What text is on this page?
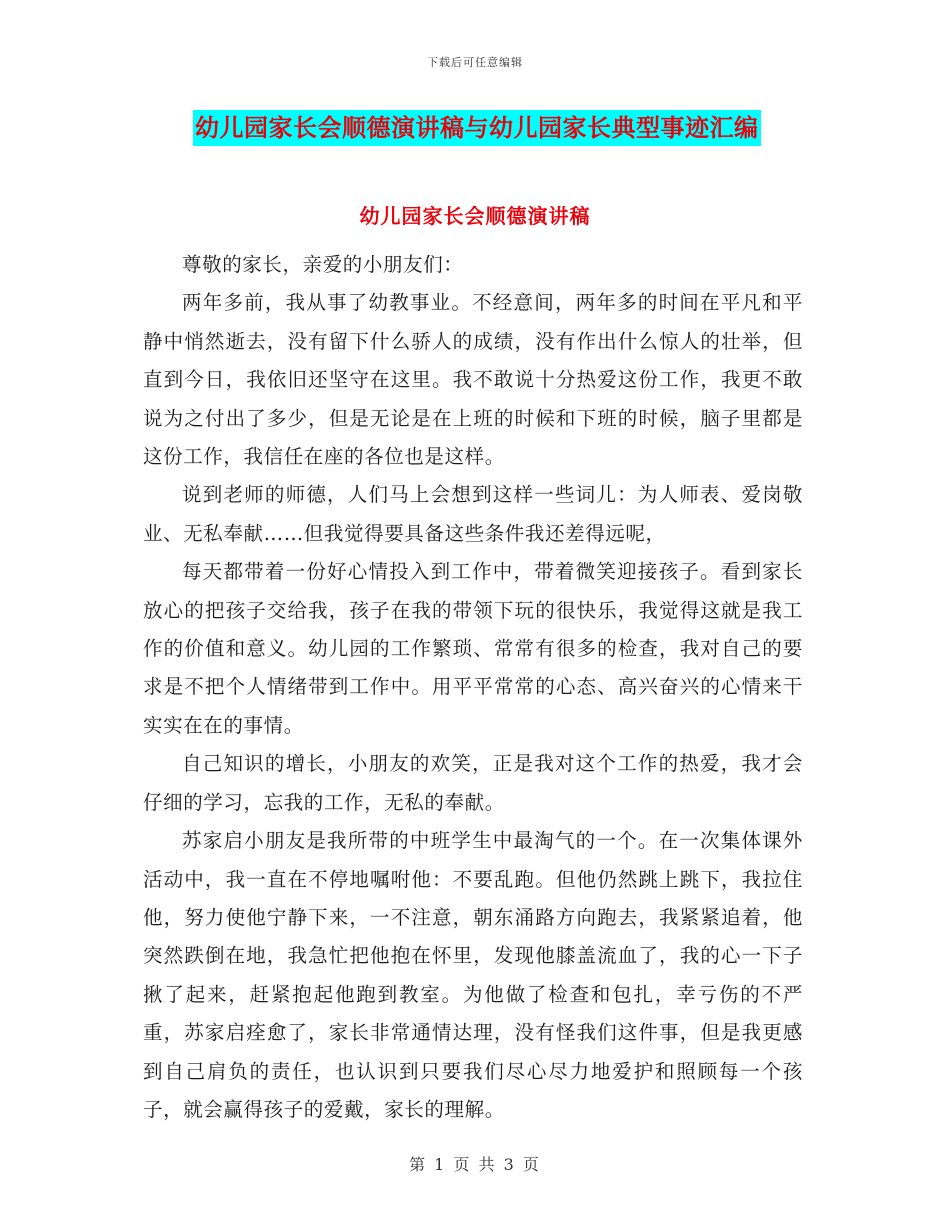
下载后可任意编辑
幼儿园家长会顺德演讲稿与幼儿园家长典型事迹汇编
幼儿园家长会顺德演讲稿

尊敬的家长，亲爱的小朋友们：

两年多前，我从事了幼教事业。不经意间，两年多的时间在平凡和平静中悄然逝去，没有留下什么骄人的成绩，没有作出什么惊人的壮举，但直到今日，我依旧还坚守在这里。我不敢说十分热爱这份工作，我更不敢说为之付出了多少，但是无论是在上班的时候和下班的时候，脑子里都是这份工作，我信任在座的各位也是这样。

说到老师的师德，人们马上会想到这样一些词儿：为人师表、爱岗敬业、无私奉献……但我觉得要具备这些条件我还差得远呢，

每天都带着一份好心情投入到工作中，带着微笑迎接孩子。看到家长放心的把孩子交给我，孩子在我的带领下玩的很快乐，我觉得这就是我工作的价值和意义。幼儿园的工作繁琐、常常有很多的检查，我对自己的要求是不把个人情绪带到工作中。用平平常常的心态、高兴奋兴的心情来干实实在在的事情。

自己知识的增长，小朋友的欢笑，正是我对这个工作的热爱，我才会仔细的学习，忘我的工作，无私的奉献。

苏家启小朋友是我所带的中班学生中最淘气的一个。在一次集体课外活动中，我一直在不停地嘱咐他：不要乱跑。但他仍然跳上跳下，我拉住他，努力使他宁静下来，一不注意，朝东涌路方向跑去，我紧紧追着，他突然跌倒在地，我急忙把他抱在怀里，发现他膝盖流血了，我的心一下子揪了起来，赶紧抱起他跑到教室。为他做了检查和包扎，幸亏伤的不严重，苏家启痊愈了，家长非常通情达理，没有怪我们这件事，但是我更感到自己肩负的责任，也认识到只要我们尽心尽力地爱护和照顾每一个孩子，就会赢得孩子的爱戴，家长的理解。

第 1 页 共 3 页
